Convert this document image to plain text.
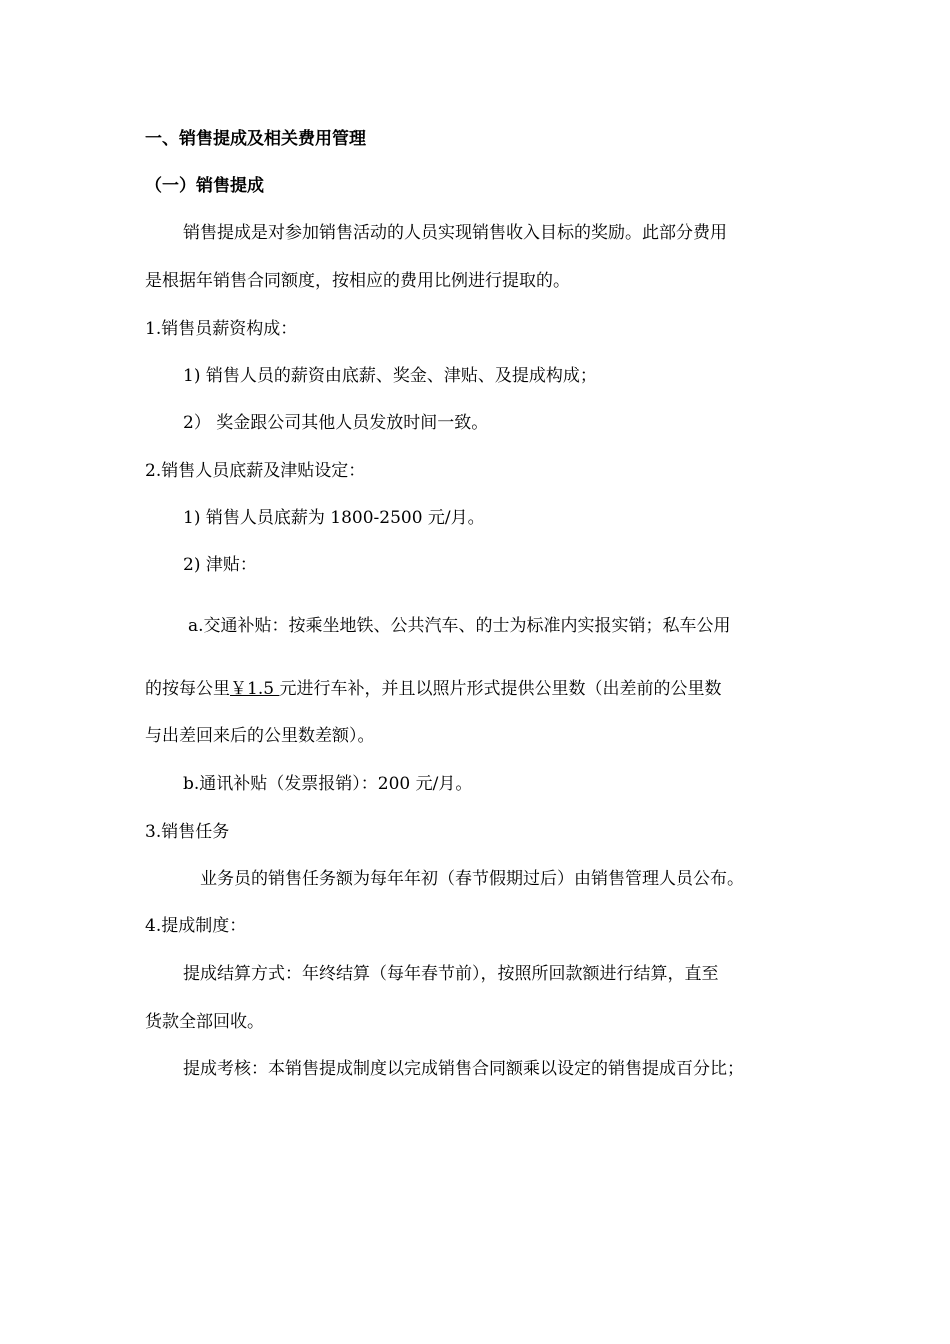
一、销售提成及相关费用管理
（一）销售提成
销售提成是对参加销售活动的人员实现销售收入目标的奖励。此部分费用
是根据年销售合同额度，按相应的费用比例进行提取的。
1.销售员薪资构成：
1) 销售人员的薪资由底薪、奖金、津贴、及提成构成；
2） 奖金跟公司其他人员发放时间一致。
2.销售人员底薪及津贴设定：
1) 销售人员底薪为 1800-2500 元/月。
2) 津贴：
a.交通补贴：按乘坐地铁、公共汽车、的士为标准内实报实销；私车公用
的按每公里￥1.5 元进行车补，并且以照片形式提供公里数（出差前的公里数
与出差回来后的公里数差额）。
b.通讯补贴（发票报销）：200 元/月。
3.销售任务
业务员的销售任务额为每年年初（春节假期过后）由销售管理人员公布。
4.提成制度：
提成结算方式：年终结算（每年春节前），按照所回款额进行结算，直至
货款全部回收。
提成考核：本销售提成制度以完成销售合同额乘以设定的销售提成百分比；
